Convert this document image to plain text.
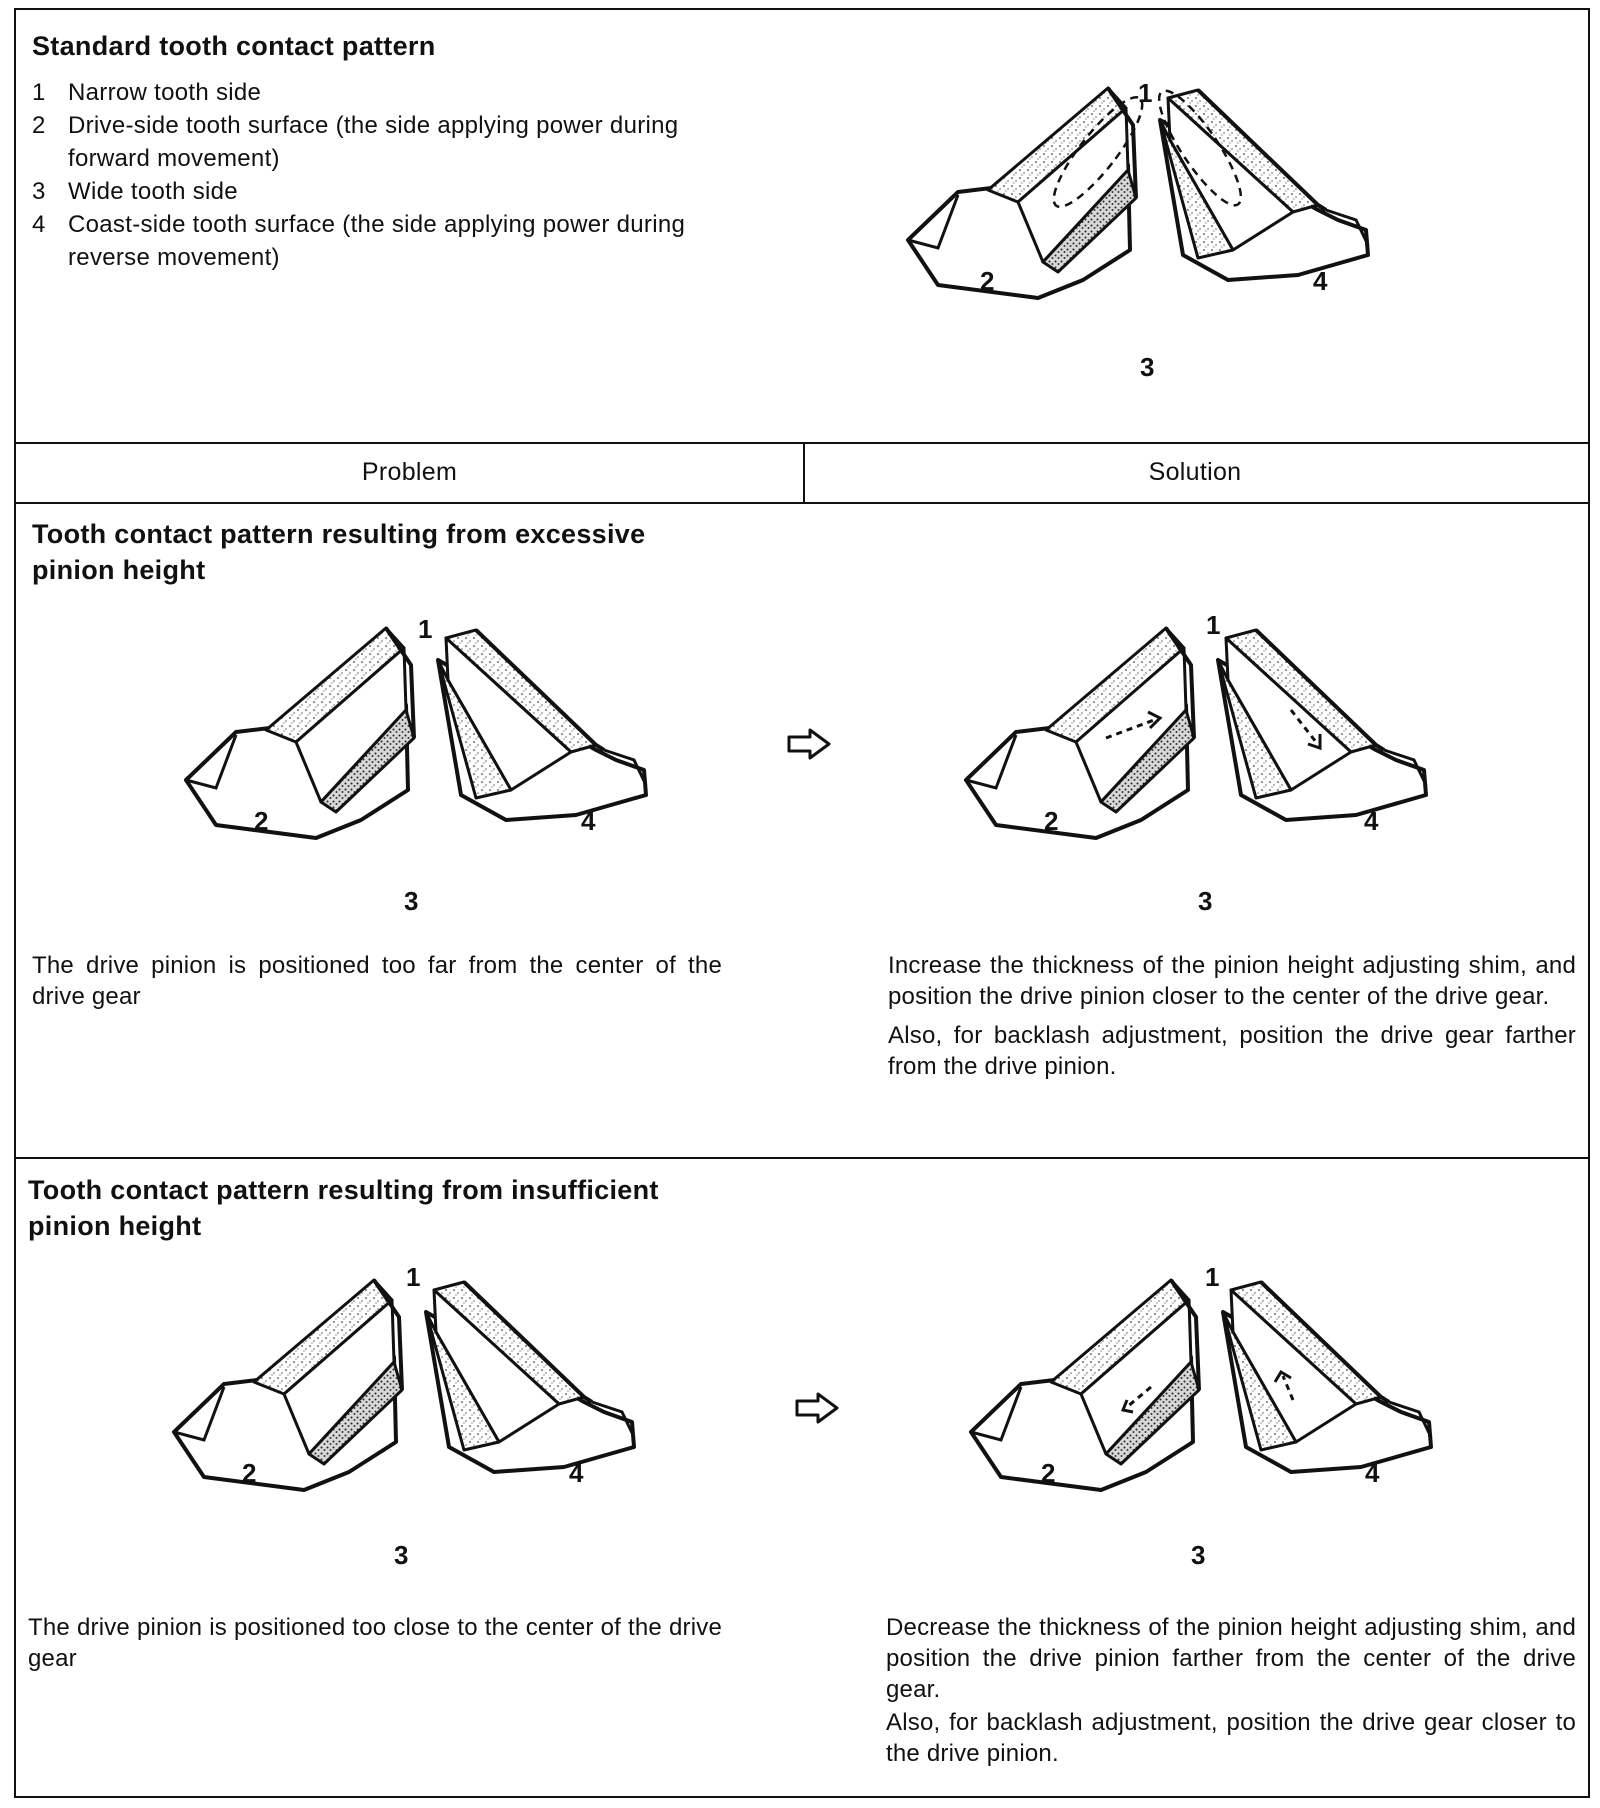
Standard tooth contact pattern
1 Narrow tooth side
2 Drive-side tooth surface (the side applying power during forward movement)
3 Wide tooth side
4 Coast-side tooth surface (the side applying power during reverse movement)
1
2	4
3
Problem	Solution
Tooth contact pattern resulting from excessive pinion height
1
2	4
3
1
2	4
3

The drive pinion is positioned too far from the center of the drive gear

Increase the thickness of the pinion height adjusting shim, and position the drive pinion closer to the center of the drive gear.

Also, for backlash adjustment, position the drive gear farther from the drive pinion.

Tooth contact pattern resulting from insufficient pinion height
1
2	4
3
1
2	4
3

The drive pinion is positioned too close to the center of the drive gear

Decrease the thickness of the pinion height adjusting shim, and position the drive pinion farther from the center of the drive gear.

Also, for backlash adjustment, position the drive gear closer to the drive pinion.
